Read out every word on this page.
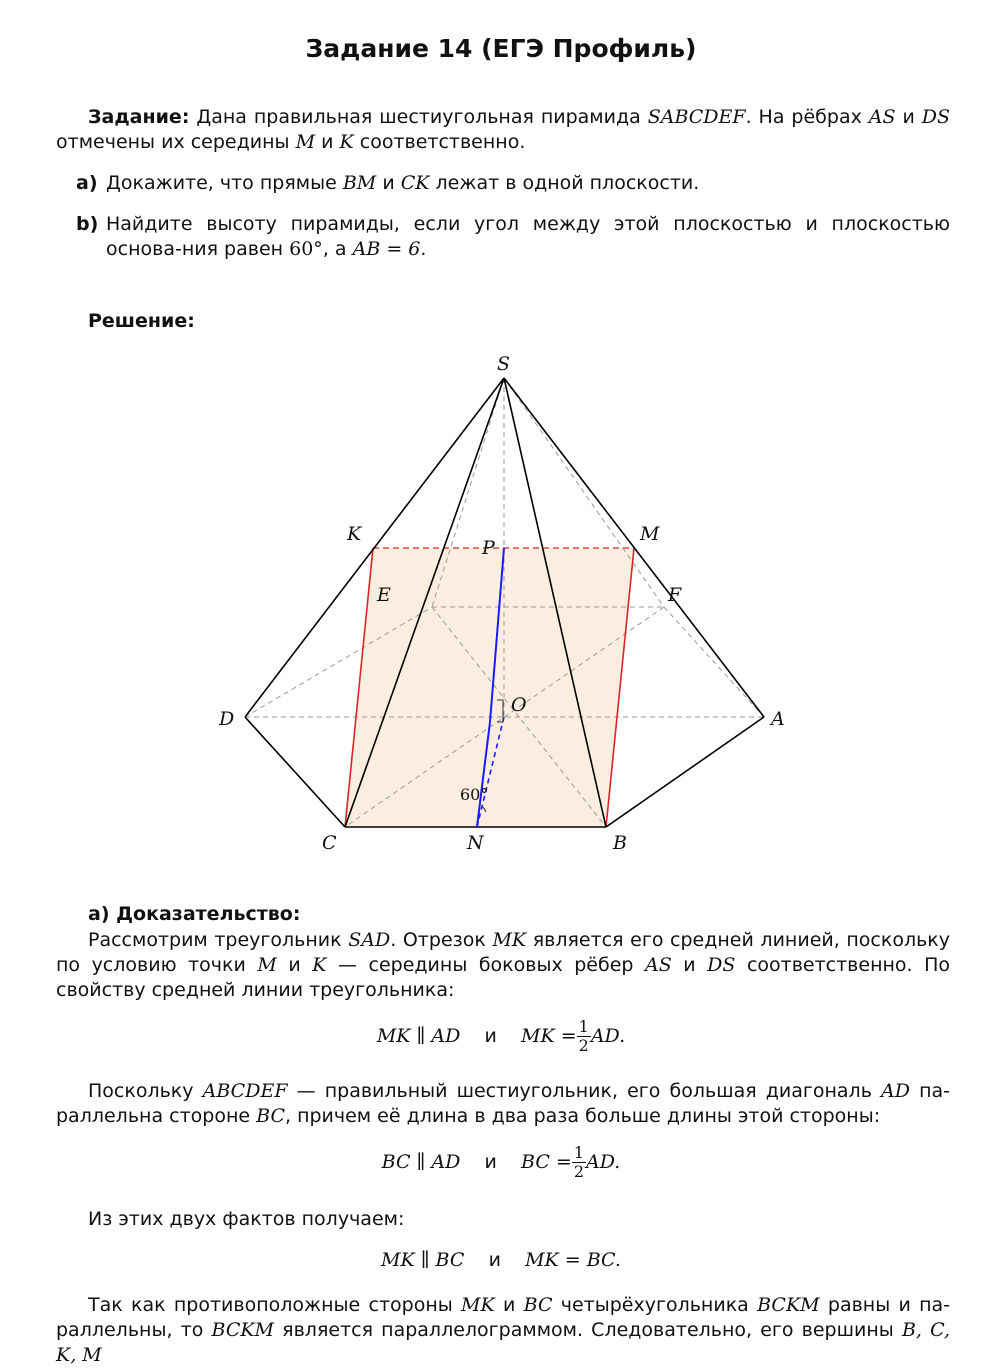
Задание 14 (ЕГЭ Профиль)
Задание: Дана правильная шестиугольная пирамида SABCDEF. На рёбрах AS и DS отмечены их середины M и K соответственно.
a) Докажите, что прямые BM и CK лежат в одной плоскости.
b) Найдите высоту пирамиды, если угол между этой плоскостью и плоскостью основа-ния равен 60°, а AB = 6.
Решение:
S
K	M
P
E	F
D	A
O
C	N	B
60°
а) Доказательство:
Рассмотрим треугольник SAD. Отрезок MK является его средней линией, поскольку по условию точки M и K — середины боковых рёбер AS и DS соответственно. По свойству средней линии треугольника:
MK ∥ AD и MK = $\frac{1}{2}$ AD.
Поскольку ABCDEF — правильный шестиугольник, его большая диагональ AD па-раллельна стороне BC, причем её длина в два раза больше длины этой стороны:
BC ∥ AD и BC = $\frac{1}{2}$ AD.
Из этих двух фактов получаем:
MK ∥ BC и MK = BC.
Так как противоположные стороны MK и BC четырёхугольника BCKM равны и па-раллельны, то BCKM является параллелограммом. Следовательно, его вершины B, C, K, M
